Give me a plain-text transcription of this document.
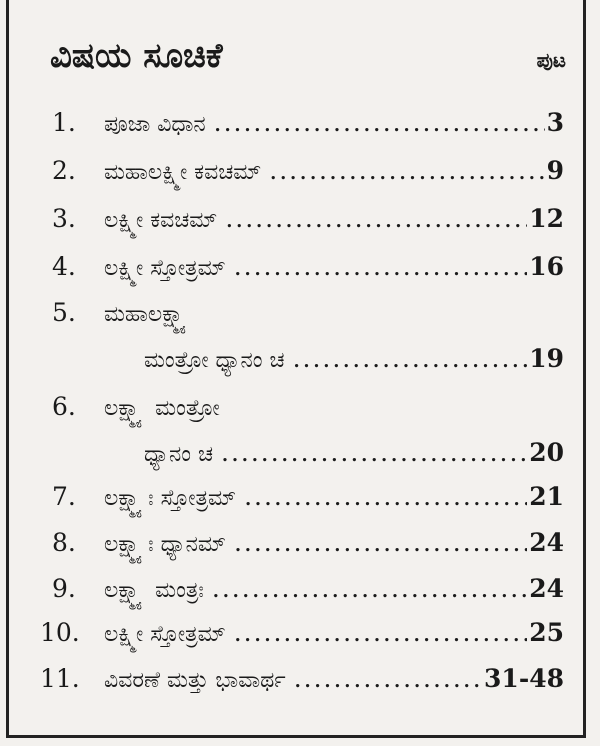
ವಿಷಯ ಸೂಚಿಕೆ	ಪುಟ
1.	ಪೂಜಾ ವಿಧಾನ .....	3
2.	ಮಹಾಲಕ್ಷ್ಮೀ ಕವಚಮ್ .....	9
3.	ಲಕ್ಷ್ಮೀ ಕವಚಮ್ .....	12
4.	ಲಕ್ಷ್ಮೀ ಸ್ತೋತ್ರಮ್ .....	16
5.	ಮಹಾಲಕ್ಷ್ಮ್ಯಾ
ಮಂತ್ರೋ ಧ್ಯಾನಂ ಚ .....	19
6.	ಲಕ್ಷ್ಮ್ಯಾ ಮಂತ್ರೋ
ಧ್ಯಾನಂ ಚ .....	20
7.	ಲಕ್ಷ್ಮ್ಯಾಃ ಸ್ತೋತ್ರಮ್ .....	21
8.	ಲಕ್ಷ್ಮ್ಯಾಃ ಧ್ಯಾನಮ್ .....	24
9.	ಲಕ್ಷ್ಮ್ಯಾ ಮಂತ್ರಃ .....	24
10.	ಲಕ್ಷ್ಮೀ ಸ್ತೋತ್ರಮ್ .....	25
11.	ವಿವರಣೆ ಮತ್ತು ಭಾವಾರ್ಥ .....	31-48
